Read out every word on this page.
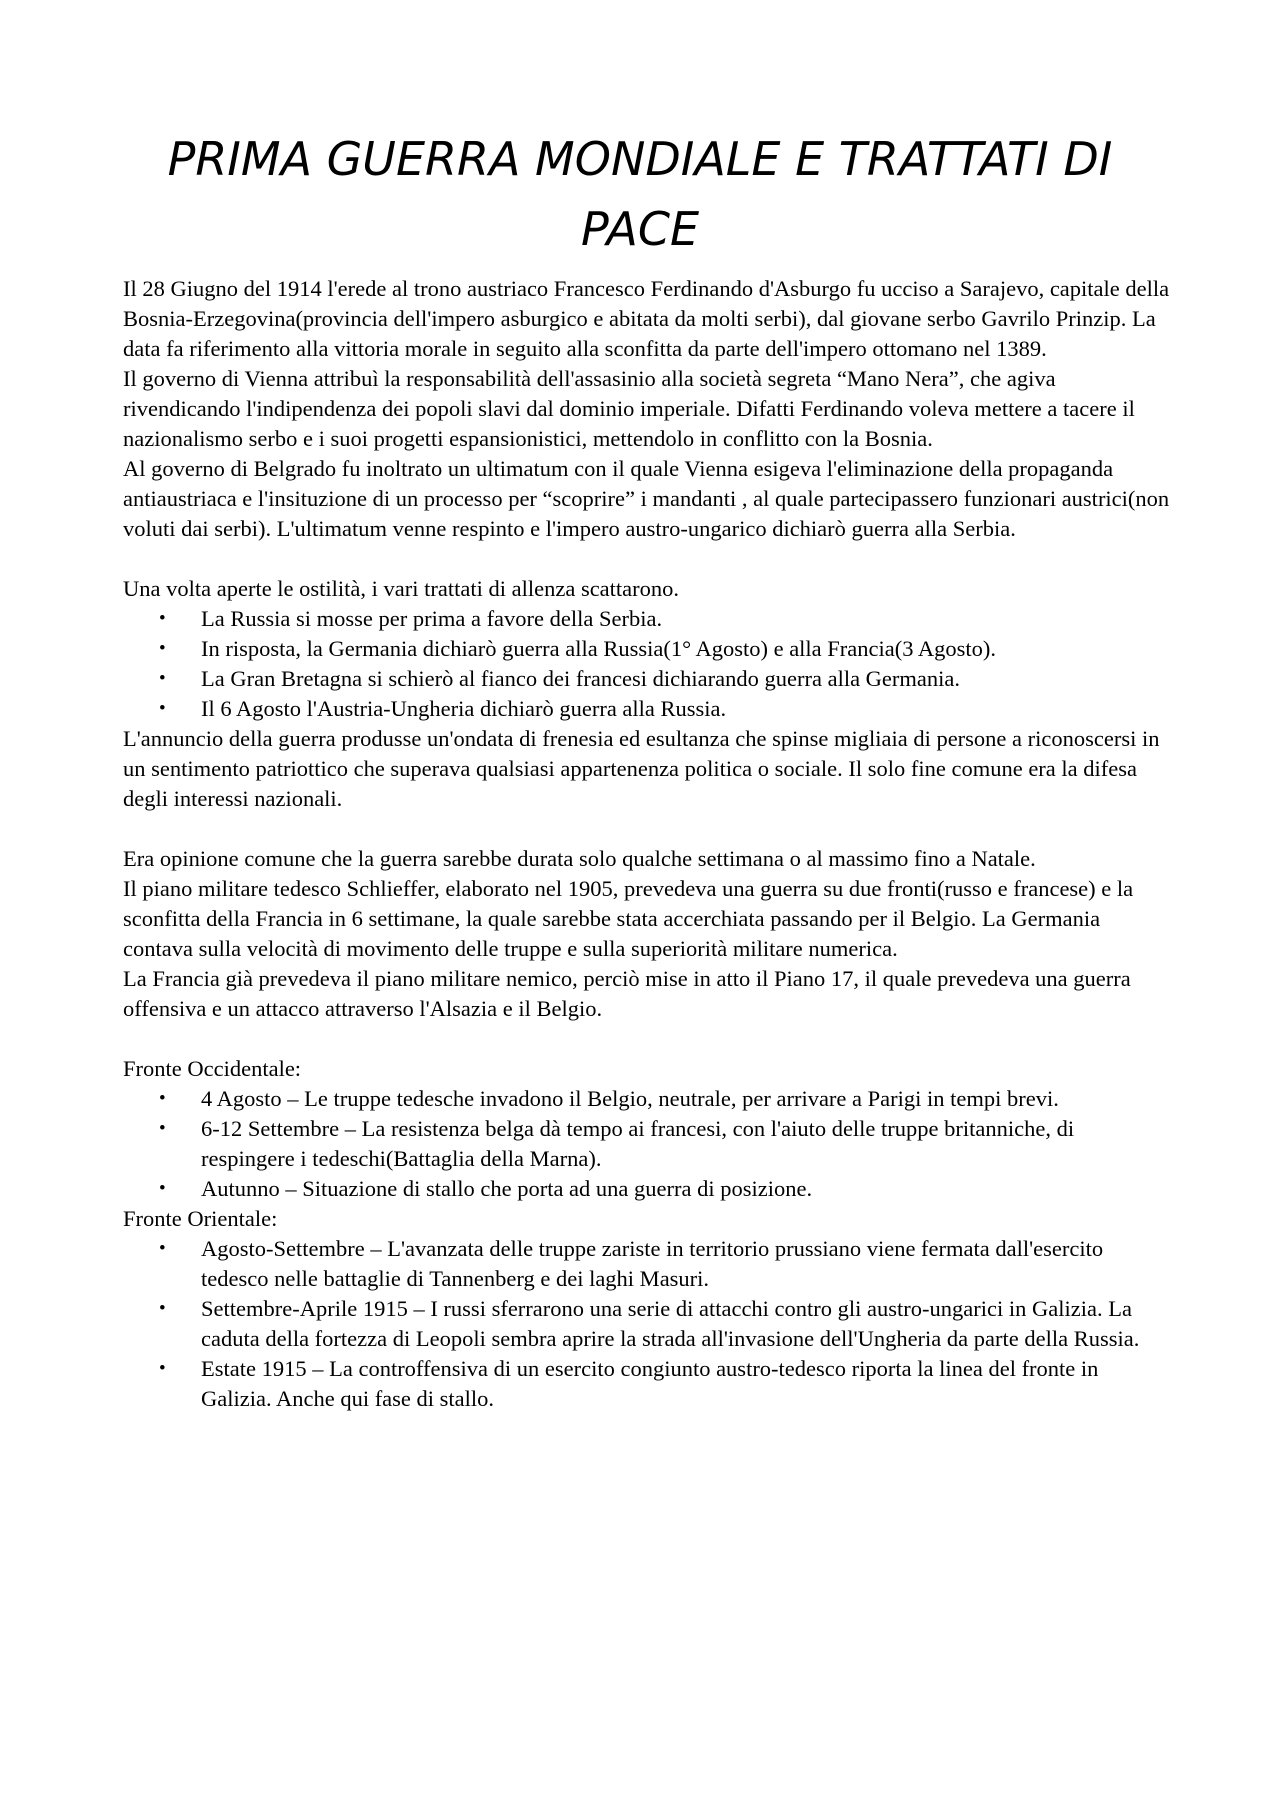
PRIMA GUERRA MONDIALE E TRATTATI DI PACE

Il 28 Giugno del 1914 l'erede al trono austriaco Francesco Ferdinando d'Asburgo fu ucciso a Sarajevo, capitale della Bosnia-Erzegovina(provincia dell'impero asburgico e abitata da molti serbi), dal giovane serbo Gavrilo Prinzip. La data fa riferimento alla vittoria morale in seguito alla sconfitta da parte dell'impero ottomano nel 1389.

Il governo di Vienna attribuì la responsabilità dell'assasinio alla società segreta “Mano Nera”, che agiva rivendicando l'indipendenza dei popoli slavi dal dominio imperiale. Difatti Ferdinando voleva mettere a tacere il nazionalismo serbo e i suoi progetti espansionistici, mettendolo in conflitto con la Bosnia.

Al governo di Belgrado fu inoltrato un ultimatum con il quale Vienna esigeva l'eliminazione della propaganda antiaustriaca e l'insituzione di un processo per “scoprire” i mandanti , al quale partecipassero funzionari austrici(non voluti dai serbi). L'ultimatum venne respinto e l'impero austro-ungarico dichiarò guerra alla Serbia.

Una volta aperte le ostilità, i vari trattati di allenza scattarono.

• La Russia si mosse per prima a favore della Serbia.
• In risposta, la Germania dichiarò guerra alla Russia(1° Agosto) e alla Francia(3 Agosto).
• La Gran Bretagna si schierò al fianco dei francesi dichiarando guerra alla Germania.
• Il 6 Agosto l'Austria-Ungheria dichiarò guerra alla Russia.

L'annuncio della guerra produsse un'ondata di frenesia ed esultanza che spinse migliaia di persone a riconoscersi in un sentimento patriottico che superava qualsiasi appartenenza politica o sociale. Il solo fine comune era la difesa degli interessi nazionali.

Era opinione comune che la guerra sarebbe durata solo qualche settimana o al massimo fino a Natale.

Il piano militare tedesco Schlieffer, elaborato nel 1905, prevedeva una guerra su due fronti(russo e francese) e la sconfitta della Francia in 6 settimane, la quale sarebbe stata accerchiata passando per il Belgio. La Germania contava sulla velocità di movimento delle truppe e sulla superiorità militare numerica.

La Francia già prevedeva il piano militare nemico, perciò mise in atto il Piano 17, il quale prevedeva una guerra offensiva e un attacco attraverso l'Alsazia e il Belgio.

Fronte Occidentale:

• 4 Agosto – Le truppe tedesche invadono il Belgio, neutrale, per arrivare a Parigi in tempi brevi.
• 6-12 Settembre – La resistenza belga dà tempo ai francesi, con l'aiuto delle truppe britanniche, di respingere i tedeschi(Battaglia della Marna).
• Autunno – Situazione di stallo che porta ad una guerra di posizione.

Fronte Orientale:

• Agosto-Settembre – L'avanzata delle truppe zariste in territorio prussiano viene fermata dall'esercito tedesco nelle battaglie di Tannenberg e dei laghi Masuri.
• Settembre-Aprile 1915 – I russi sferrarono una serie di attacchi contro gli austro-ungarici in Galizia. La caduta della fortezza di Leopoli sembra aprire la strada all'invasione dell'Ungheria da parte della Russia.
• Estate 1915 – La controffensiva di un esercito congiunto austro-tedesco riporta la linea del fronte in Galizia. Anche qui fase di stallo.
